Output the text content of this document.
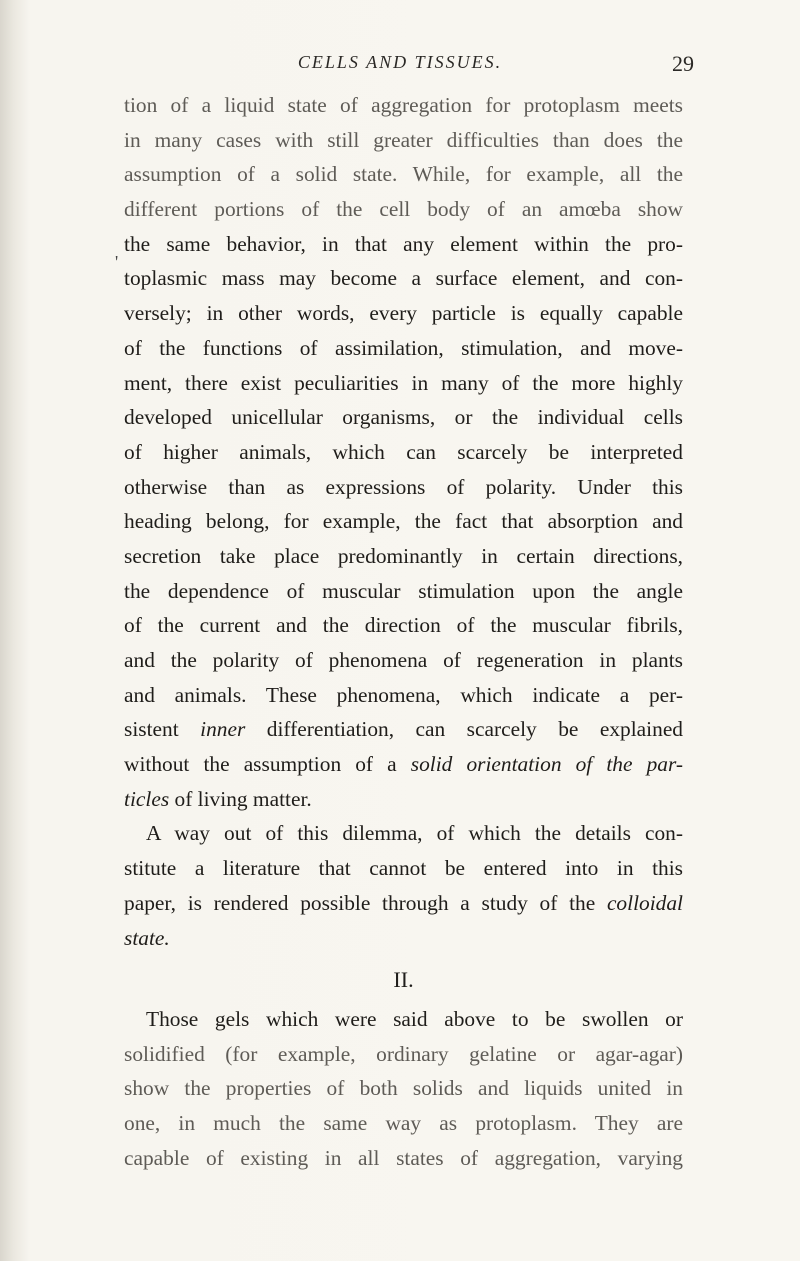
CELLS AND TISSUES.	29
'
tion of a liquid state of aggregation for protoplasm meets
in many cases with still greater difficulties than does the
assumption of a solid state. While, for example, all the
different portions of the cell body of an amœba show
the same behavior, in that any element within the pro-
toplasmic mass may become a surface element, and con-
versely; in other words, every particle is equally capable
of the functions of assimilation, stimulation, and move-
ment, there exist peculiarities in many of the more highly
developed unicellular organisms, or the individual cells
of higher animals, which can scarcely be interpreted
otherwise than as expressions of polarity. Under this
heading belong, for example, the fact that absorption and
secretion take place predominantly in certain directions,
the dependence of muscular stimulation upon the angle
of the current and the direction of the muscular fibrils,
and the polarity of phenomena of regeneration in plants
and animals. These phenomena, which indicate a per-
sistent inner differentiation, can scarcely be explained
without the assumption of a solid orientation of the par-
ticles of living matter.
A way out of this dilemma, of which the details con-
stitute a literature that cannot be entered into in this
paper, is rendered possible through a study of the colloidal
state.
II.
Those gels which were said above to be swollen or
solidified (for example, ordinary gelatine or agar-agar)
show the properties of both solids and liquids united in
one, in much the same way as protoplasm. They are
capable of existing in all states of aggregation, varying
